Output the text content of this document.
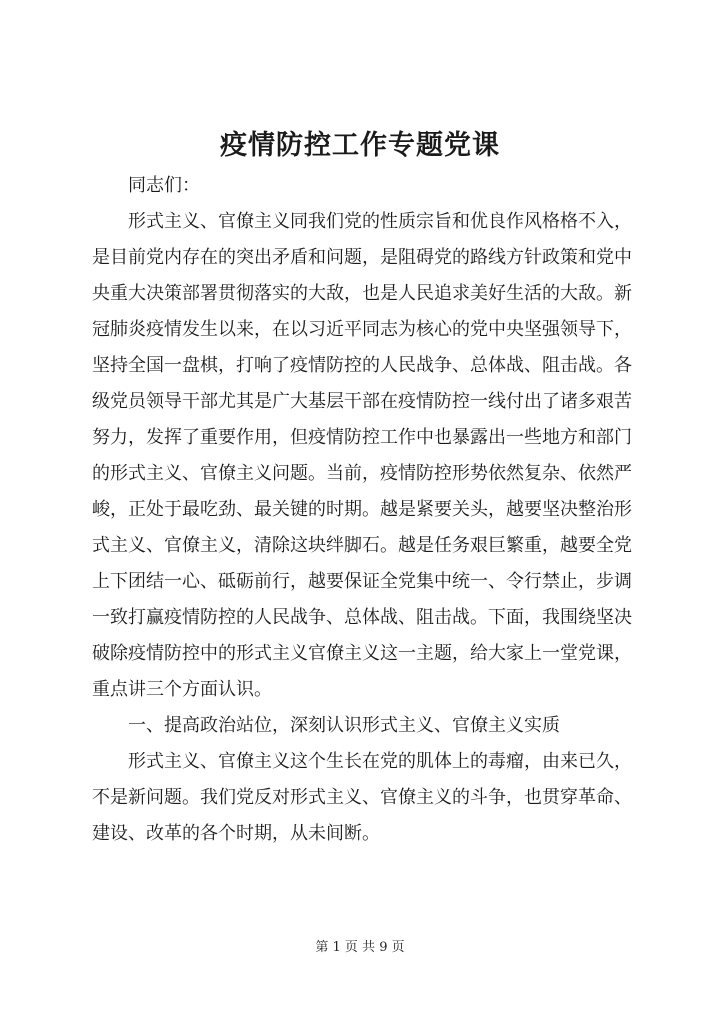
疫情防控工作专题党课

同志们：

形式主义、官僚主义同我们党的性质宗旨和优良作风格格不入，是目前党内存在的突出矛盾和问题，是阻碍党的路线方针政策和党中央重大决策部署贯彻落实的大敌，也是人民追求美好生活的大敌。新冠肺炎疫情发生以来，在以习近平同志为核心的党中央坚强领导下，坚持全国一盘棋，打响了疫情防控的人民战争、总体战、阻击战。各级党员领导干部尤其是广大基层干部在疫情防控一线付出了诸多艰苦努力，发挥了重要作用，但疫情防控工作中也暴露出一些地方和部门的形式主义、官僚主义问题。当前，疫情防控形势依然复杂、依然严峻，正处于最吃劲、最关键的时期。越是紧要关头，越要坚决整治形式主义、官僚主义，清除这块绊脚石。越是任务艰巨繁重，越要全党上下团结一心、砥砺前行，越要保证全党集中统一、令行禁止，步调一致打赢疫情防控的人民战争、总体战、阻击战。下面，我围绕坚决破除疫情防控中的形式主义官僚主义这一主题，给大家上一堂党课，重点讲三个方面认识。

一、提高政治站位，深刻认识形式主义、官僚主义实质

形式主义、官僚主义这个生长在党的肌体上的毒瘤，由来已久，不是新问题。我们党反对形式主义、官僚主义的斗争，也贯穿革命、建设、改革的各个时期，从未间断。

第 1 页 共 9 页
